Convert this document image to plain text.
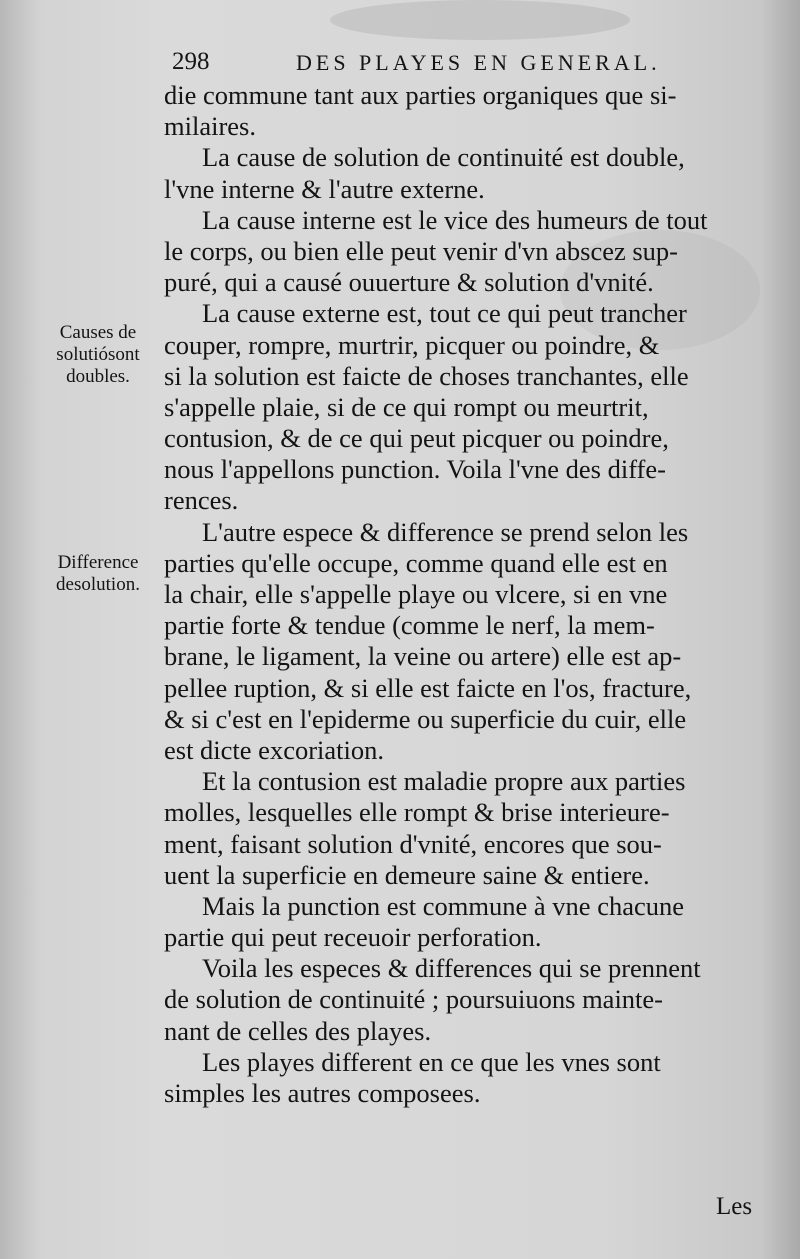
298	DES PLAYES EN GENERAL.
die commune tant aux parties organiques que si-
milaires.
La cause de solution de continuité est double,
l'vne interne & l'autre externe.
La cause interne est le vice des humeurs de tout
le corps, ou bien elle peut venir d'vn abscez sup-
puré, qui a causé ouuerture & solution d'vnité.
La cause externe est, tout ce qui peut trancher
couper, rompre, murtrir, picquer ou poindre, &
si la solution est faicte de choses tranchantes, elle
s'appelle plaie, si de ce qui rompt ou meurtrit,
contusion, & de ce qui peut picquer ou poindre,
nous l'appellons punction. Voila l'vne des diffe-
rences.
L'autre espece & difference se prend selon les
parties qu'elle occupe, comme quand elle est en
la chair, elle s'appelle playe ou vlcere, si en vne
partie forte & tendue (comme le nerf, la mem-
brane, le ligament, la veine ou artere) elle est ap-
pellee ruption, & si elle est faicte en l'os, fracture,
& si c'est en l'epiderme ou superficie du cuir, elle
est dicte excoriation.
Et la contusion est maladie propre aux parties
molles, lesquelles elle rompt & brise interieure-
ment, faisant solution d'vnité, encores que sou-
uent la superficie en demeure saine & entiere.
Mais la punction est commune à vne chacune
partie qui peut receuoir perforation.
Voila les especes & differences qui se prennent
de solution de continuité ; poursuiuons mainte-
nant de celles des playes.
Les playes different en ce que les vnes sont
simples les autres composees.
Causes de
solutiósont
doubles.
Difference
desolution.
Les
